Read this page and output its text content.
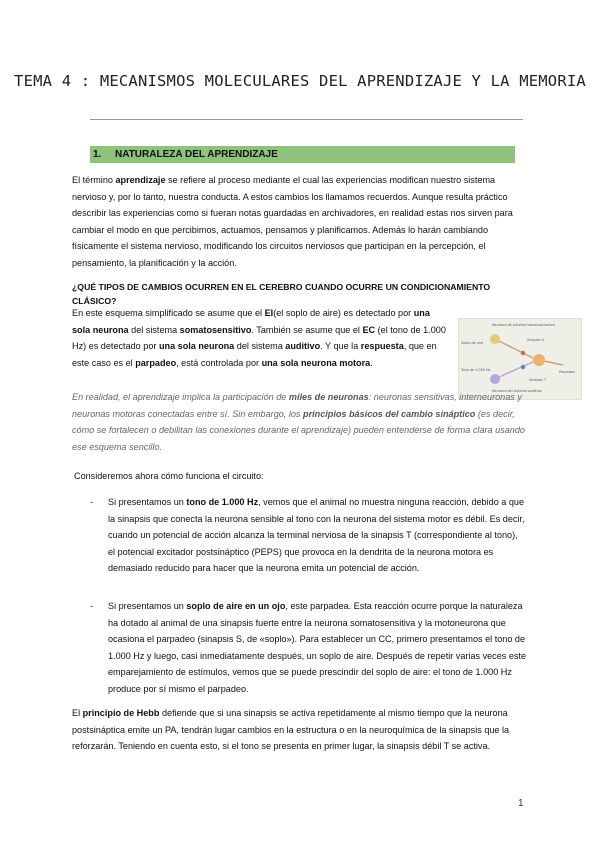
TEMA 4 : MECANISMOS MOLECULARES DEL APRENDIZAJE Y LA MEMORIA
1. NATURALEZA DEL APRENDIZAJE

El término aprendizaje se refiere al proceso mediante el cual las experiencias modifican nuestro sistema nervioso y, por lo tanto, nuestra conducta. A estos cambios los llamamos recuerdos. Aunque resulta práctico describir las experiencias como si fueran notas guardadas en archivadores, en realidad estas nos sirven para cambiar el modo en que percibimos, actuamos, pensamos y planificamos. Además lo harán cambiando físicamente el sistema nervioso, modificando los circuitos nerviosos que participan en la percepción, el pensamiento, la planificación y la acción.

¿QUÉ TIPOS DE CAMBIOS OCURREN EN EL CEREBRO CUANDO OCURRE UN CONDICIONAMIENTO CLÁSICO?

En este esquema simplificado se asume que el EI(el soplo de aire) es detectado por una sola neurona del sistema somatosensitivo. También se asume que el EC (el tono de 1.000 Hz) es detectado por una sola neurona del sistema auditivo. Y que la respuesta, que en este caso es el parpadeo, está controlada por una sola neurona motora.

Neurona de sistema somatosensitivo
Soplo de aire
Sinapsis S
Parpadeo
Tono de 1.000 Hz
Sinapsis T
Neurona del sistema auditivo

En realidad, el aprendizaje implica la participación de miles de neuronas: neuronas sensitivas, interneuronas y neuronas motoras conectadas entre sí. Sin embargo, los principios básicos del cambio sináptico (es decir, cómo se fortalecen o debilitan las conexiones durante el aprendizaje) pueden entenderse de forma clara usando ese esquema sencillo.

Consideremos ahora cómo funciona el circuito:

- Si presentamos un tono de 1.000 Hz, vemos que el animal no muestra ninguna reacción, debido a que la sinapsis que conecta la neurona sensible al tono con la neurona del sistema motor es débil. Es decir, cuando un potencial de acción alcanza la terminal nerviosa de la sinapsis T (correspondiente al tono), el potencial excitador postsináptico (PEPS) que provoca en la dendrita de la neurona motora es demasiado reducido para hacer que la neurona emita un potencial de acción.
- Si presentamos un soplo de aire en un ojo, este parpadea. Esta reacción ocurre porque la naturaleza ha dotado al animal de una sinapsis fuerte entre la neurona somatosensitiva y la motoneurona que ocasiona el parpadeo (sinapsis S, de «soplo»). Para establecer un CC, primero presentamos el tono de 1.000 Hz y luego, casi inmediatamente después, un soplo de aire. Después de repetir varias veces este emparejamiento de estímulos, vemos que se puede prescindir del soplo de aire: el tono de 1.000 Hz produce por sí mismo el parpadeo.

El principio de Hebb defiende que si una sinapsis se activa repetidamente al mismo tiempo que la neurona postsináptica emite un PA, tendrán lugar cambios en la estructura o en la neuroquímica de la sinapsis que la reforzarán. Teniendo en cuenta esto, si el tono se presenta en primer lugar, la sinapsis débil T se activa.

1
